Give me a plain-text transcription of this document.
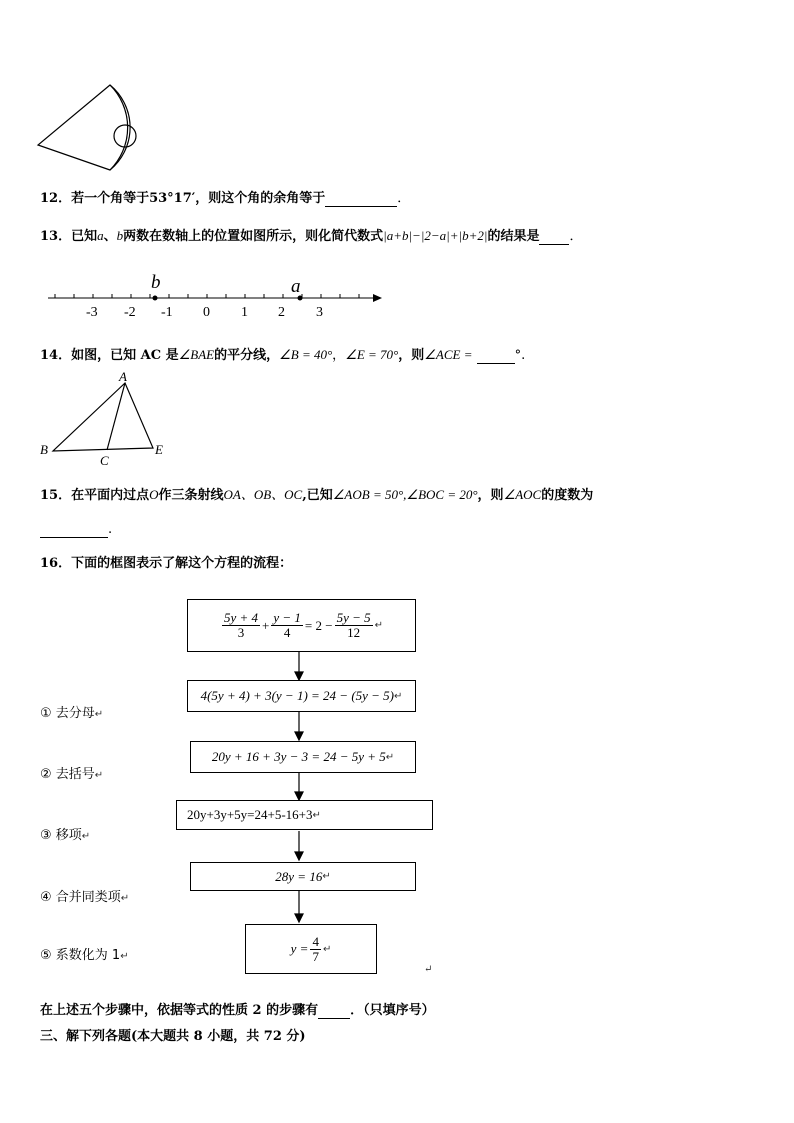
12．若一个角等于53°17′，则这个角的余角等于	．
13．已知a、b两数在数轴上的位置如图所示，则化简代数式|a+b|−|2−a|+|b+2|的结果是 ．
b	a
-3 -2 -1 0 1 2 3
14．如图，已知 AC 是∠BAE的平分线，∠B = 40°，∠E = 70°，则∠ACE =	°.
A
B
C
E
15．在平面内过点O作三条射线OA、OB、OC,已知∠AOB = 50°,∠BOC = 20°，则∠AOC的度数为
.
16．下面的框图表示了解这个方程的流程：
$\frac{5y + 4}{3} + \frac{y - 1}{4} = 2 - \frac{5y - 5}{12}$ ↵
4(5y + 4) + 3(y − 1) = 24 − (5y − 5) ↵
① 去分母↵
20y + 16 + 3y − 3 = 24 − 5y + 5 ↵
② 去括号↵
20y+3y+5y=24+5-16+3 ↵
③ 移项↵
28y = 16 ↵
④ 合并同类项↵
$y = \frac{4}{7}$ ↵
⑤ 系数化为 1↵
↵
在上述五个步骤中，依据等式的性质 2 的步骤有 ．（只填序号）
三、解下列各题(本大题共 8 小题，共 72 分)
